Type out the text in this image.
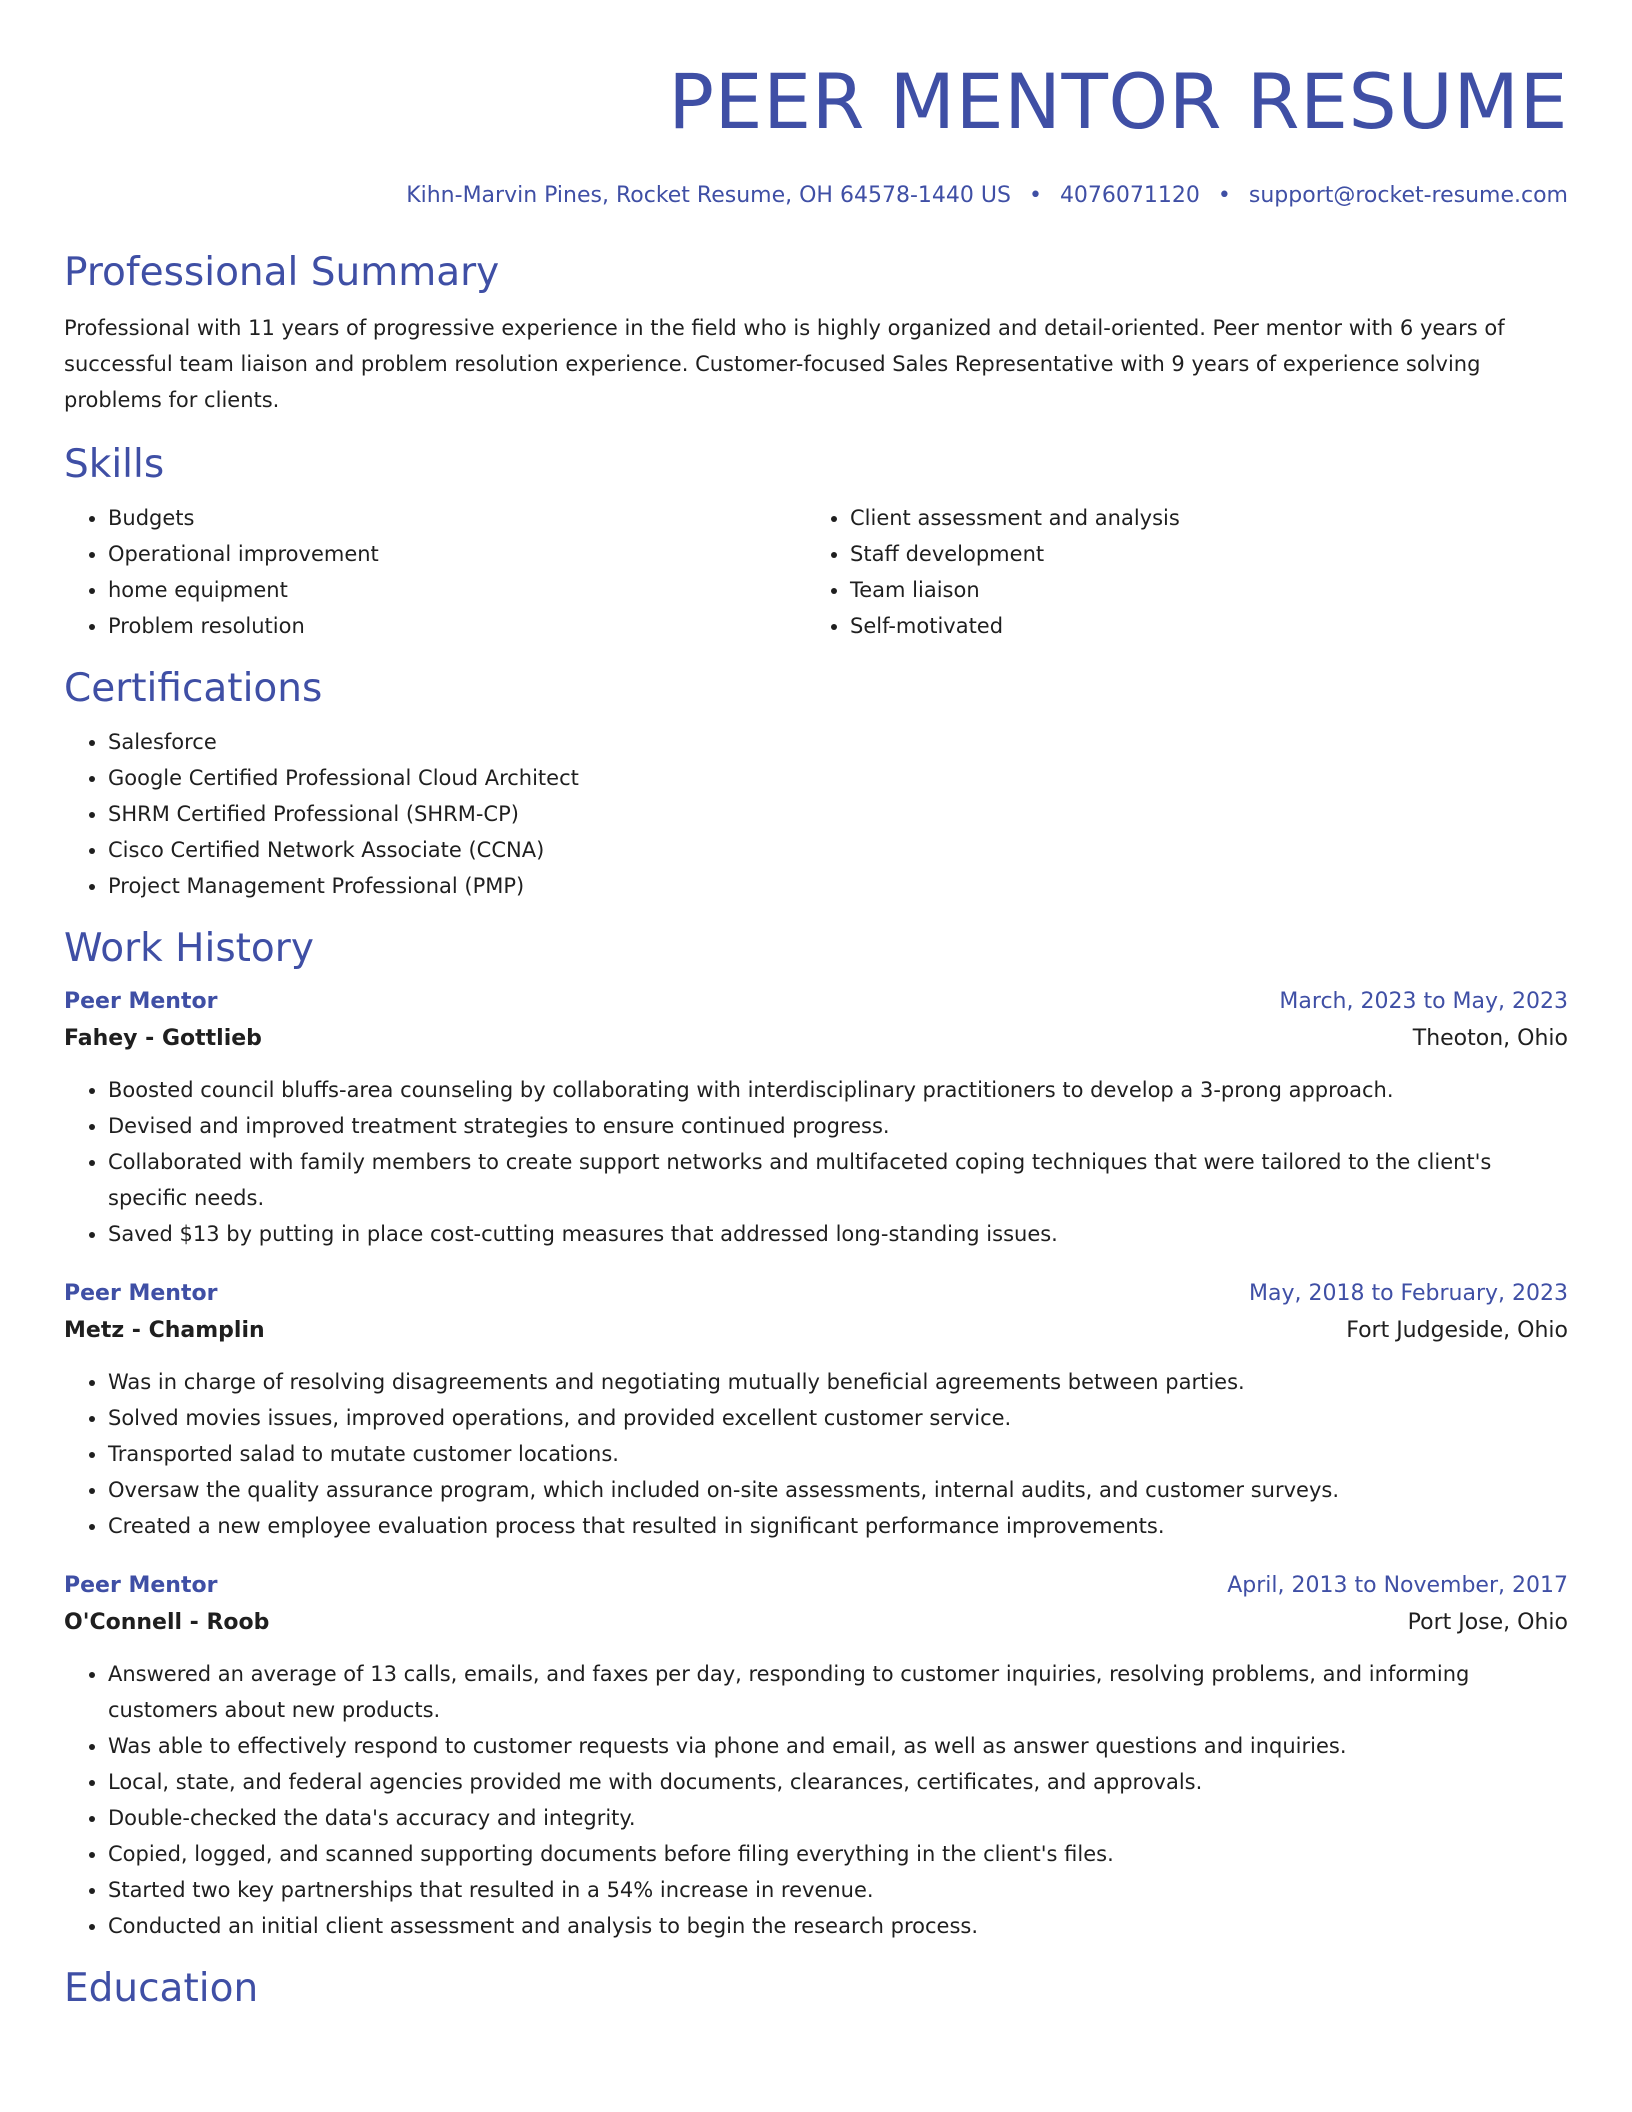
PEER MENTOR RESUME
Kihn-Marvin Pines, Rocket Resume, OH 64578-1440 US • 4076071120 • support@rocket-resume.com
Professional Summary
Professional with 11 years of progressive experience in the field who is highly organized and detail-oriented. Peer mentor with 6 years of successful team liaison and problem resolution experience. Customer-focused Sales Representative with 9 years of experience solving problems for clients.
Skills
• Budgets
• Operational improvement
• home equipment
• Problem resolution
• Client assessment and analysis
• Staff development
• Team liaison
• Self-motivated
Certifications
• Salesforce
• Google Certified Professional Cloud Architect
• SHRM Certified Professional (SHRM-CP)
• Cisco Certified Network Associate (CCNA)
• Project Management Professional (PMP)
Work History
Peer Mentor	March, 2023 to May, 2023
Fahey - Gottlieb	Theoton, Ohio
• Boosted council bluffs-area counseling by collaborating with interdisciplinary practitioners to develop a 3-prong approach.
• Devised and improved treatment strategies to ensure continued progress.
• Collaborated with family members to create support networks and multifaceted coping techniques that were tailored to the client's specific needs.
• Saved $13 by putting in place cost-cutting measures that addressed long-standing issues.
Peer Mentor	May, 2018 to February, 2023
Metz - Champlin	Fort Judgeside, Ohio
• Was in charge of resolving disagreements and negotiating mutually beneficial agreements between parties.
• Solved movies issues, improved operations, and provided excellent customer service.
• Transported salad to mutate customer locations.
• Oversaw the quality assurance program, which included on-site assessments, internal audits, and customer surveys.
• Created a new employee evaluation process that resulted in significant performance improvements.
Peer Mentor	April, 2013 to November, 2017
O'Connell - Roob	Port Jose, Ohio
• Answered an average of 13 calls, emails, and faxes per day, responding to customer inquiries, resolving problems, and informing customers about new products.
• Was able to effectively respond to customer requests via phone and email, as well as answer questions and inquiries.
• Local, state, and federal agencies provided me with documents, clearances, certificates, and approvals.
• Double-checked the data's accuracy and integrity.
• Copied, logged, and scanned supporting documents before filing everything in the client's files.
• Started two key partnerships that resulted in a 54% increase in revenue.
• Conducted an initial client assessment and analysis to begin the research process.
Education
